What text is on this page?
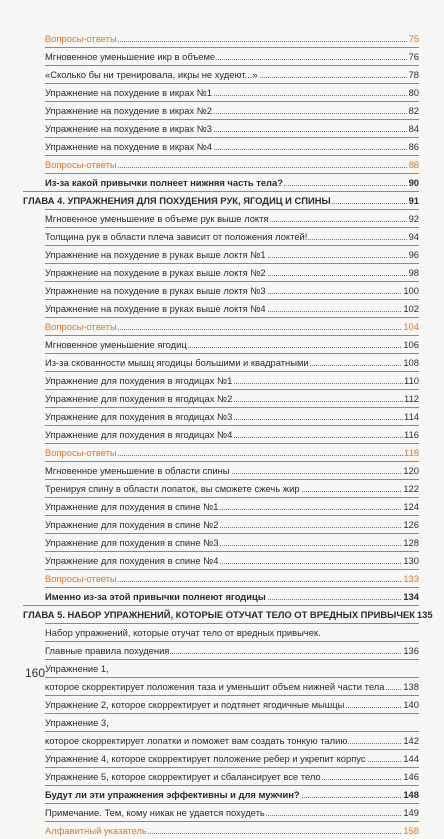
Вопросы-ответы	75
Мгновенное уменьшение икр в объеме	76
«Сколько бы ни тренировала, икры не худеют...»	78
Упражнение на похудение в икрах №1	80
Упражнение на похудение в икрах №2	82
Упражнение на похудение в икрах №3	84
Упражнение на похудение в икрах №4	86
Вопросы-ответы	88
Из-за какой привычки полнеет нижняя часть тела?	90
ГЛАВА 4. УПРАЖНЕНИЯ ДЛЯ ПОХУДЕНИЯ РУК, ЯГОДИЦ И СПИНЫ	91
Мгновенное уменьшение в объеме рук выше локтя	92
Толщина рук в области плеча зависит от положения локтей!	94
Упражнение на похудение в руках выше локтя №1	96
Упражнение на похудение в руках выше локтя №2	98
Упражнение на похудение в руках выше локтя №3	100
Упражнение на похудение в руках выше локтя №4	102
Вопросы-ответы	104
Мгновенное уменьшение ягодиц	106
Из-за скованности мышц ягодицы большими и квадратными	108
Упражнение для похудения в ягодицах №1	110
Упражнение для похудения в ягодицах №2	112
Упражнение для похудения в ягодицах №3	114
Упражнение для похудения в ягодицах №4	116
Вопросы-ответы	118
Мгновенное уменьшение в области спины	120
Тренируя спину в области лопаток, вы сможете сжечь жир	122
Упражнение для похудения в спине №1	124
Упражнение для похудения в спине №2	126
Упражнение для похудения в спине №3	128
Упражнение для похудения в спине №4	130
Вопросы-ответы	133
Именно из-за этой привычки полнеют ягодицы	134
ГЛАВА 5. НАБОР УПРАЖНЕНИЙ, КОТОРЫЕ ОТУЧАТ ТЕЛО ОТ ВРЕДНЫХ ПРИВЫЧЕК 135
Набор упражнений, которые отучат тело от вредных привычек.
Главные правила похудения	136
Упражнение 1,
которое скорректирует положения таза и уменьшит объем нижней части тела 138
Упражнение 2, которое скорректирует и подтянет ягодичные мышцы	140
Упражнение 3,
которое скорректирует лопатки и поможет вам создать тонкую талию	142
Упражнение 4, которое скорректирует положение ребер и укрепит корпус	144
Упражнение 5, которое скорректирует и сбалансирует все тело	146
Будут ли эти упражнения эффективны и для мужчин?	148
Примечание. Тем, кому никак не удается похудеть	149
Алфавитный указатель	158
160
